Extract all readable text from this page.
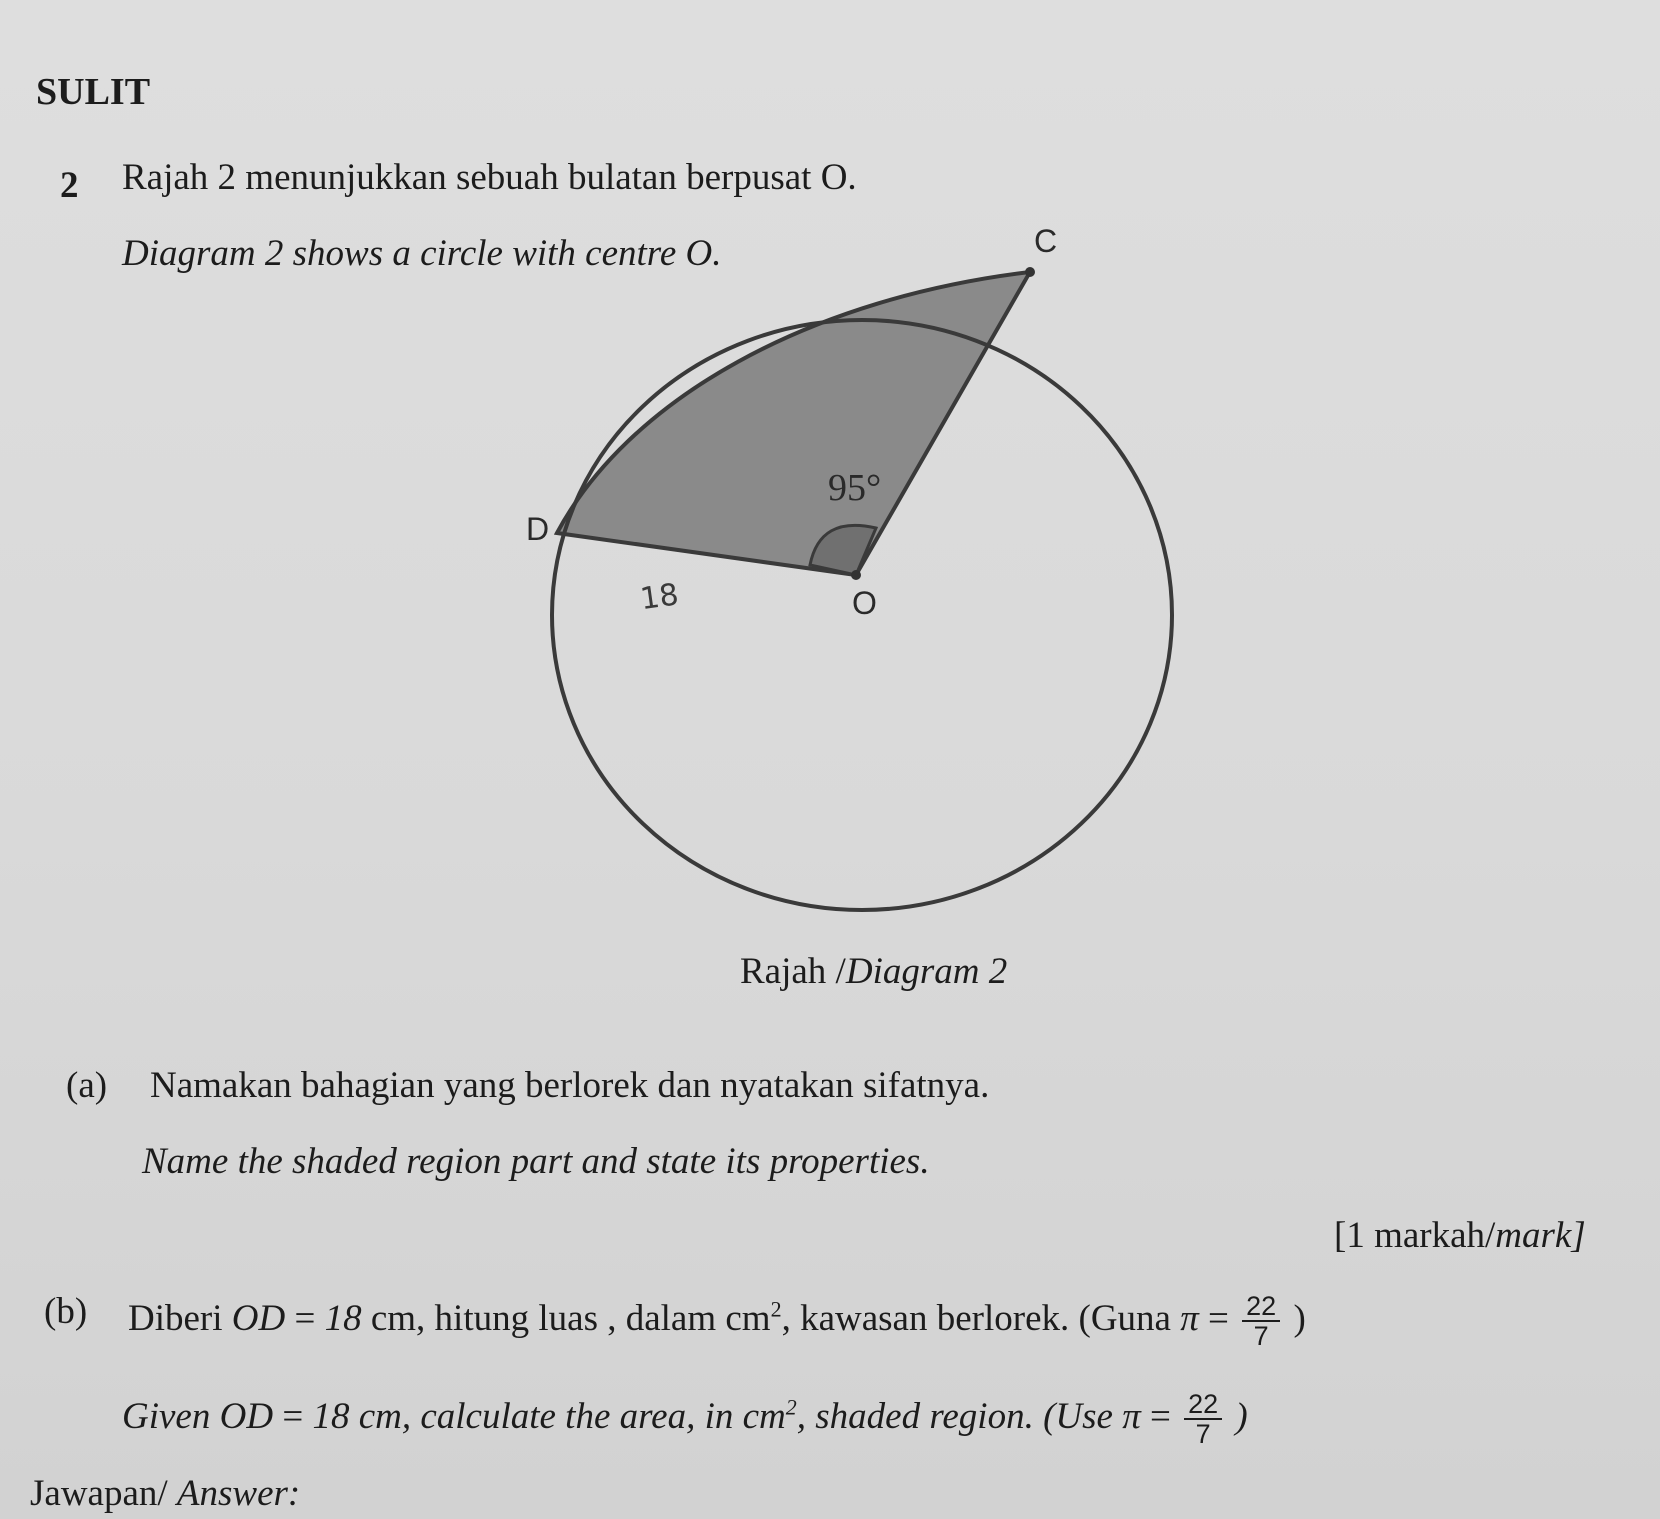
SULIT
2 Rajah 2 menunjukkan sebuah bulatan berpusat O.
Diagram 2 shows a circle with centre O.	C
D
O
95°
18
Rajah /Diagram 2
(a) Namakan bahagian yang berlorek dan nyatakan sifatnya.
Name the shaded region part and state its properties.
[1 markah/mark]
(b) Diberi OD = 18 cm, hitung luas , dalam $cm^2$, kawasan berlorek. (Guna $\pi = \frac{22}{7}$ )
Given OD = 18 cm, calculate the area, in $cm^2$, shaded region. (Use $\pi = \frac{22}{7}$ )
Jawapan/ Answer:
